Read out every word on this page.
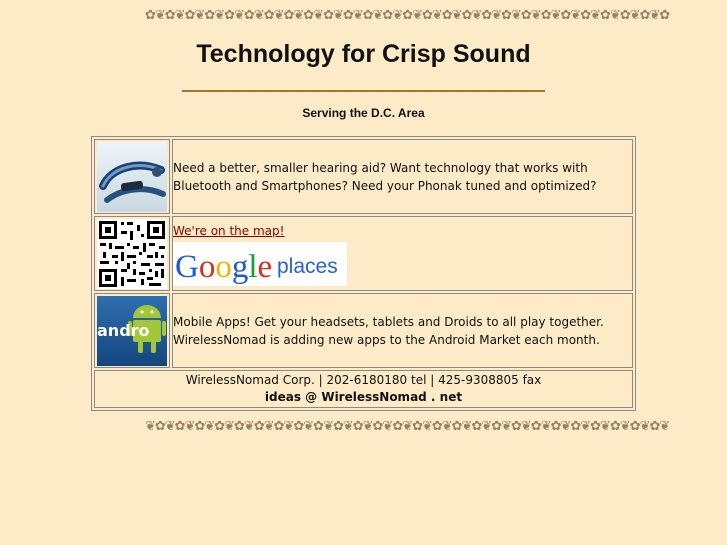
✿❦✿❦✿❦✿❦✿❦✿❦✿❦✿❦✿❦✿❦✿❦✿❦✿❦✿❦✿❦✿❦✿❦✿❦✿❦✿❦✿❦✿❦✿❦✿❦✿❦✿❦✿
Technology for Crisp Sound
Serving the D.C. Area
	Need a better, smaller hearing aid? Want technology that works with Bluetooth and Smartphones? Need your Phonak tuned and optimized?

	We're on the map!
Google places

andro	Mobile Apps! Get your headsets, tablets and Droids to all play together. WirelessNomad is adding new apps to the Android Market each month.

WirelessNomad Corp. | 202-6180180 tel | 425-9308805 fax
ideas @ WirelessNomad . net	
❦✿❦✿❦✿❦✿❦✿❦✿❦✿❦✿❦✿❦✿❦✿❦✿❦✿❦✿❦✿❦✿❦✿❦✿❦✿❦✿❦✿❦✿❦✿❦✿❦✿❦✿❦
